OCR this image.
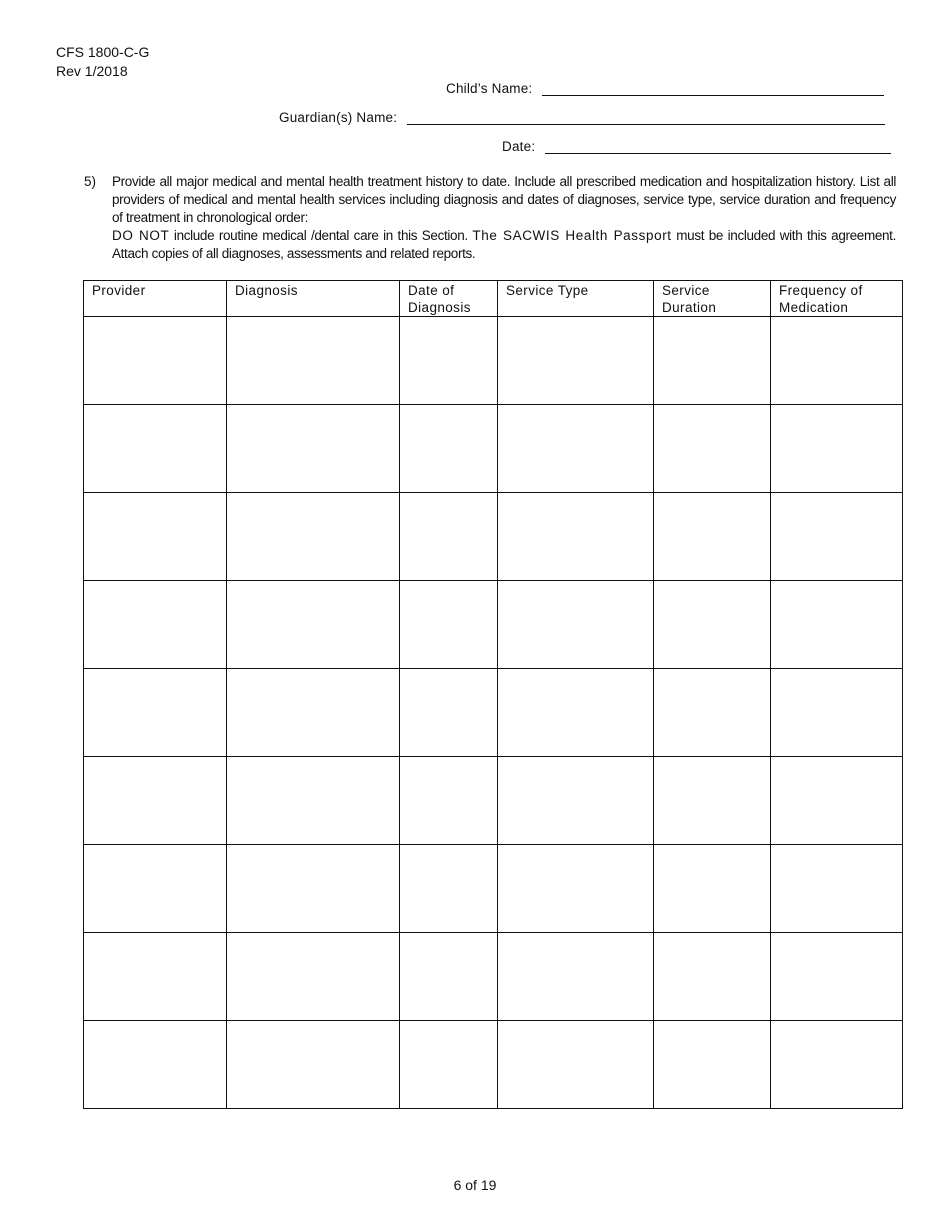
CFS 1800-C-G
Rev 1/2018
Child’s Name:
Guardian(s) Name:
Date:
5)	Provide all major medical and mental health treatment history to date. Include all prescribed medication and hospitalization history. List all providers of medical and mental health services including diagnosis and dates of diagnoses, service type, service duration and frequency of treatment in chronological order:

DO NOT include routine medical /dental care in this Section. The SACWIS Health Passport must be included with this agreement. Attach copies of all diagnoses, assessments and related reports.

Provider	Diagnosis	Date of Diagnosis	Service Type	Service Duration	Frequency of Medication

6 of 19
